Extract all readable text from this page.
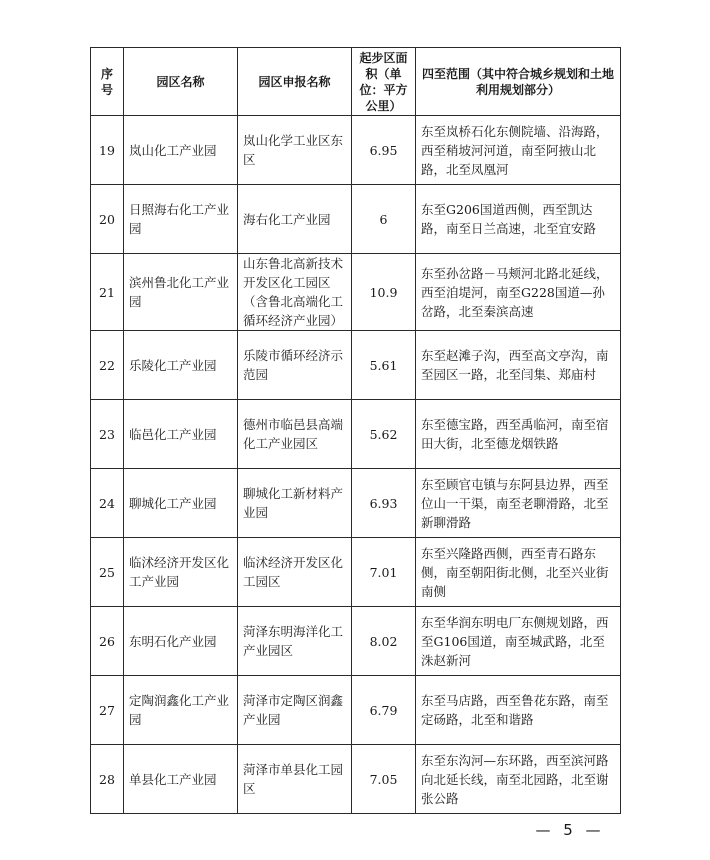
序号	园区名称	园区申报名称	起步区面积（单位：平方公里）	四至范围（其中符合城乡规划和土地利用规划部分）
19	岚山化工产业园	岚山化学工业区东区	6.95	东至岚桥石化东侧院墙、沿海路，西至稍坡河河道，南至阿掖山北路，北至凤凰河
20	日照海右化工产业园	海右化工产业园	6	东至G206国道西侧，西至凯达路，南至日兰高速，北至宜安路
21	滨州鲁北化工产业园	山东鲁北高新技术开发区化工园区（含鲁北高端化工循环经济产业园）	10.9	东至孙岔路－马颊河北路北延线，西至洎堤河，南至G228国道—孙岔路，北至秦滨高速
22	乐陵化工产业园	乐陵市循环经济示范园	5.61	东至赵滩子沟，西至高文亭沟，南至园区一路，北至闫集、郑庙村
23	临邑化工产业园	德州市临邑县高端化工产业园区	5.62	东至德宝路，西至禹临河，南至宿田大街，北至德龙烟铁路
24	聊城化工产业园	聊城化工新材料产业园	6.93	东至顾官屯镇与东阿县边界，西至位山一干渠，南至老聊滑路，北至新聊滑路
25	临沭经济开发区化工产业园	临沭经济开发区化工园区	7.01	东至兴隆路西侧，西至青石路东侧，南至朝阳街北侧，北至兴业街南侧
26	东明石化产业园	菏泽东明海洋化工产业园区	8.02	东至华润东明电厂东侧规划路，西至G106国道，南至城武路，北至洙赵新河
27	定陶润鑫化工产业园	菏泽市定陶区润鑫产业园	6.79	东至马店路，西至鲁花东路，南至定砀路，北至和谐路
28	单县化工产业园	菏泽市单县化工园区	7.05	东至东沟河—东环路，西至滨河路向北延长线，南至北园路，北至谢张公路
— 5 —
